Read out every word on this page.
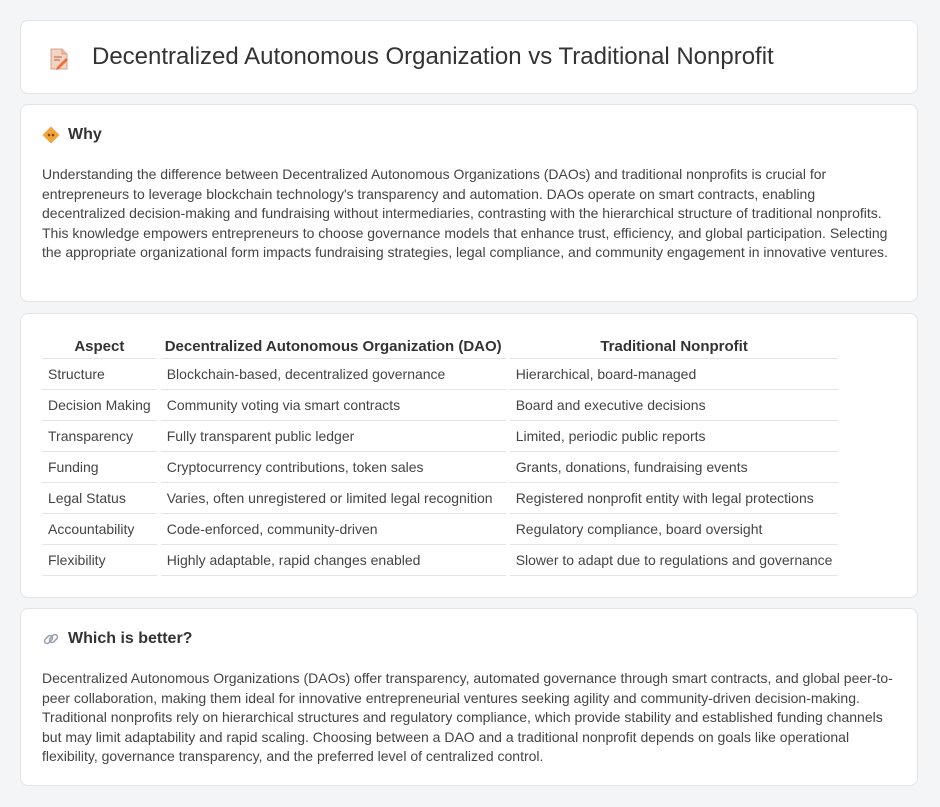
Decentralized Autonomous Organization vs Traditional Nonprofit
Why

Understanding the difference between Decentralized Autonomous Organizations (DAOs) and traditional nonprofits is crucial for entrepreneurs to leverage blockchain technology's transparency and automation. DAOs operate on smart contracts, enabling decentralized decision-making and fundraising without intermediaries, contrasting with the hierarchical structure of traditional nonprofits. This knowledge empowers entrepreneurs to choose governance models that enhance trust, efficiency, and global participation. Selecting the appropriate organizational form impacts fundraising strategies, legal compliance, and community engagement in innovative ventures.

Aspect	Decentralized Autonomous Organization (DAO)	Traditional Nonprofit
Structure	Blockchain-based, decentralized governance	Hierarchical, board-managed
Decision Making	Community voting via smart contracts	Board and executive decisions
Transparency	Fully transparent public ledger	Limited, periodic public reports
Funding	Cryptocurrency contributions, token sales	Grants, donations, fundraising events
Legal Status	Varies, often unregistered or limited legal recognition	Registered nonprofit entity with legal protections
Accountability	Code-enforced, community-driven	Regulatory compliance, board oversight
Flexibility	Highly adaptable, rapid changes enabled	Slower to adapt due to regulations and governance
Which is better?

Decentralized Autonomous Organizations (DAOs) offer transparency, automated governance through smart contracts, and global peer-to-peer collaboration, making them ideal for innovative entrepreneurial ventures seeking agility and community-driven decision-making. Traditional nonprofits rely on hierarchical structures and regulatory compliance, which provide stability and established funding channels but may limit adaptability and rapid scaling. Choosing between a DAO and a traditional nonprofit depends on goals like operational flexibility, governance transparency, and the preferred level of centralized control.
